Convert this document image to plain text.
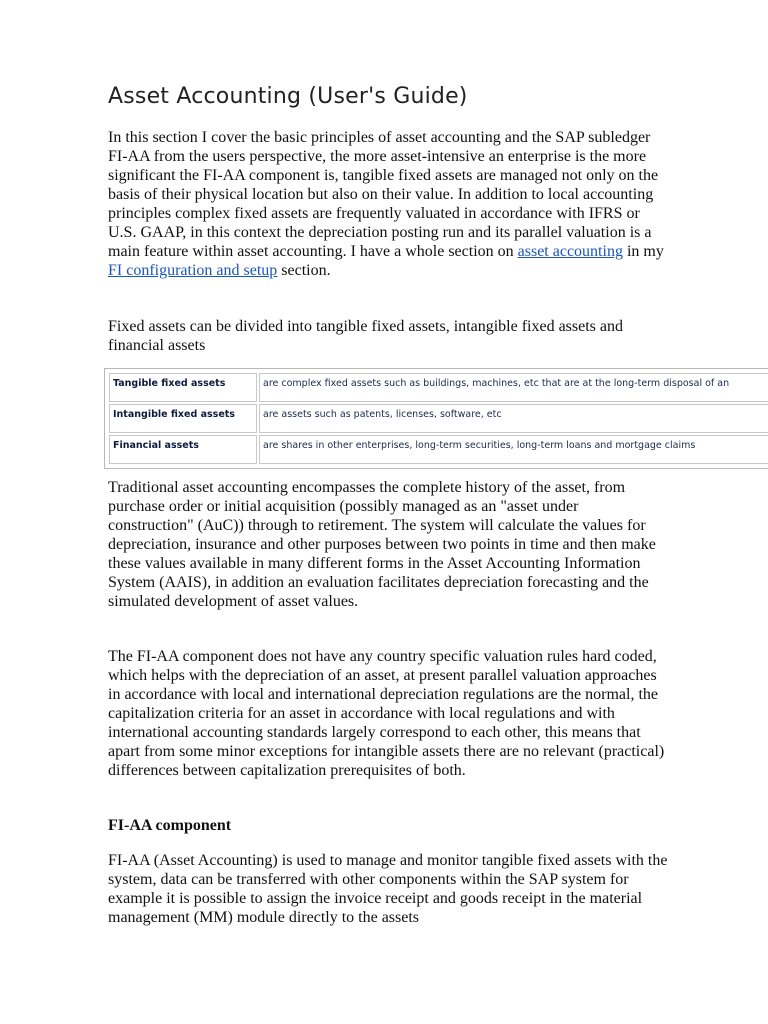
Asset Accounting (User's Guide)

In this section I cover the basic principles of asset accounting and the SAP subledger FI-AA from the users perspective, the more asset-intensive an enterprise is the more significant the FI-AA component is, tangible fixed assets are managed not only on the basis of their physical location but also on their value. In addition to local accounting principles complex fixed assets are frequently valuated in accordance with IFRS or U.S. GAAP, in this context the depreciation posting run and its parallel valuation is a main feature within asset accounting. I have a whole section on asset accounting in my FI configuration and setup section.

Fixed assets can be divided into tangible fixed assets, intangible fixed assets and financial assets

Tangible fixed assets	are complex fixed assets such as buildings, machines, etc that are at the long-term disposal of an
Intangible fixed assets	are assets such as patents, licenses, software, etc
Financial assets	are shares in other enterprises, long-term securities, long-term loans and mortgage claims

Traditional asset accounting encompasses the complete history of the asset, from purchase order or initial acquisition (possibly managed as an "asset under construction" (AuC)) through to retirement. The system will calculate the values for depreciation, insurance and other purposes between two points in time and then make these values available in many different forms in the Asset Accounting Information System (AAIS), in addition an evaluation facilitates depreciation forecasting and the simulated development of asset values.

The FI-AA component does not have any country specific valuation rules hard coded, which helps with the depreciation of an asset, at present parallel valuation approaches in accordance with local and international depreciation regulations are the normal, the capitalization criteria for an asset in accordance with local regulations and with international accounting standards largely correspond to each other, this means that apart from some minor exceptions for intangible assets there are no relevant (practical) differences between capitalization prerequisites of both.

FI-AA component

FI-AA (Asset Accounting) is used to manage and monitor tangible fixed assets with the system, data can be transferred with other components within the SAP system for example it is possible to assign the invoice receipt and goods receipt in the material management (MM) module directly to the assets
